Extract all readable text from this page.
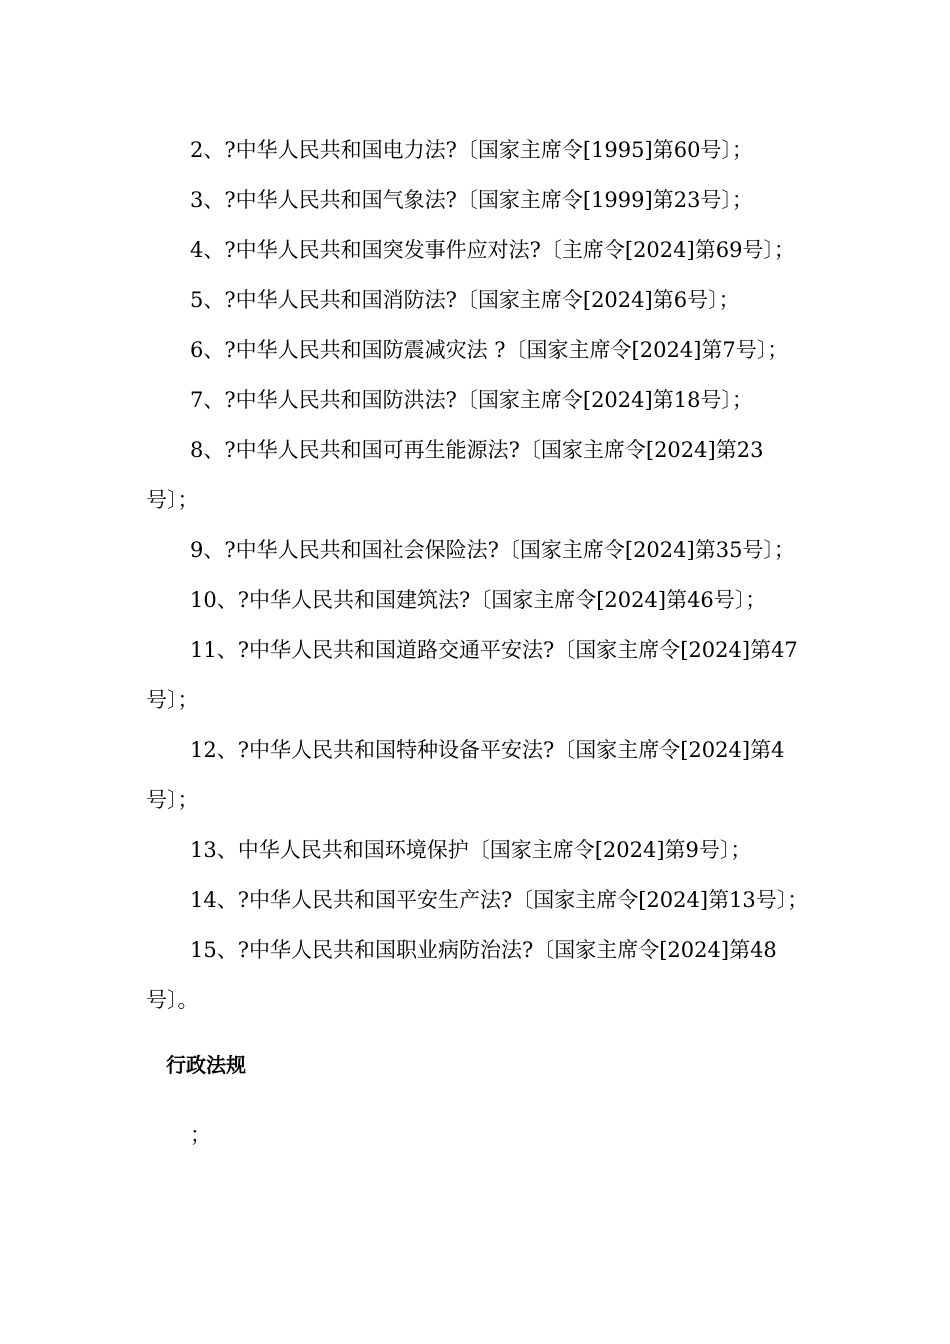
2、?中华人民共和国电力法?〔国家主席令[1995]第60号〕；

3、?中华人民共和国气象法?〔国家主席令[1999]第23号〕；

4、?中华人民共和国突发事件应对法?〔主席令[2024]第69号〕；

5、?中华人民共和国消防法?〔国家主席令[2024]第6号〕；

6、?中华人民共和国防震减灾法 ?〔国家主席令[2024]第7号〕；

7、?中华人民共和国防洪法?〔国家主席令[2024]第18号〕；

8、?中华人民共和国可再生能源法?〔国家主席令[2024]第23号〕；

9、?中华人民共和国社会保险法?〔国家主席令[2024]第35号〕；

10、?中华人民共和国建筑法?〔国家主席令[2024]第46号〕；

11、?中华人民共和国道路交通平安法?〔国家主席令[2024]第47号〕；

12、?中华人民共和国特种设备平安法?〔国家主席令[2024]第4号〕；

13、中华人民共和国环境保护〔国家主席令[2024]第9号〕；

14、?中华人民共和国平安生产法?〔国家主席令[2024]第13号〕；

15、?中华人民共和国职业病防治法?〔国家主席令[2024]第48号〕。

行政法规
；
